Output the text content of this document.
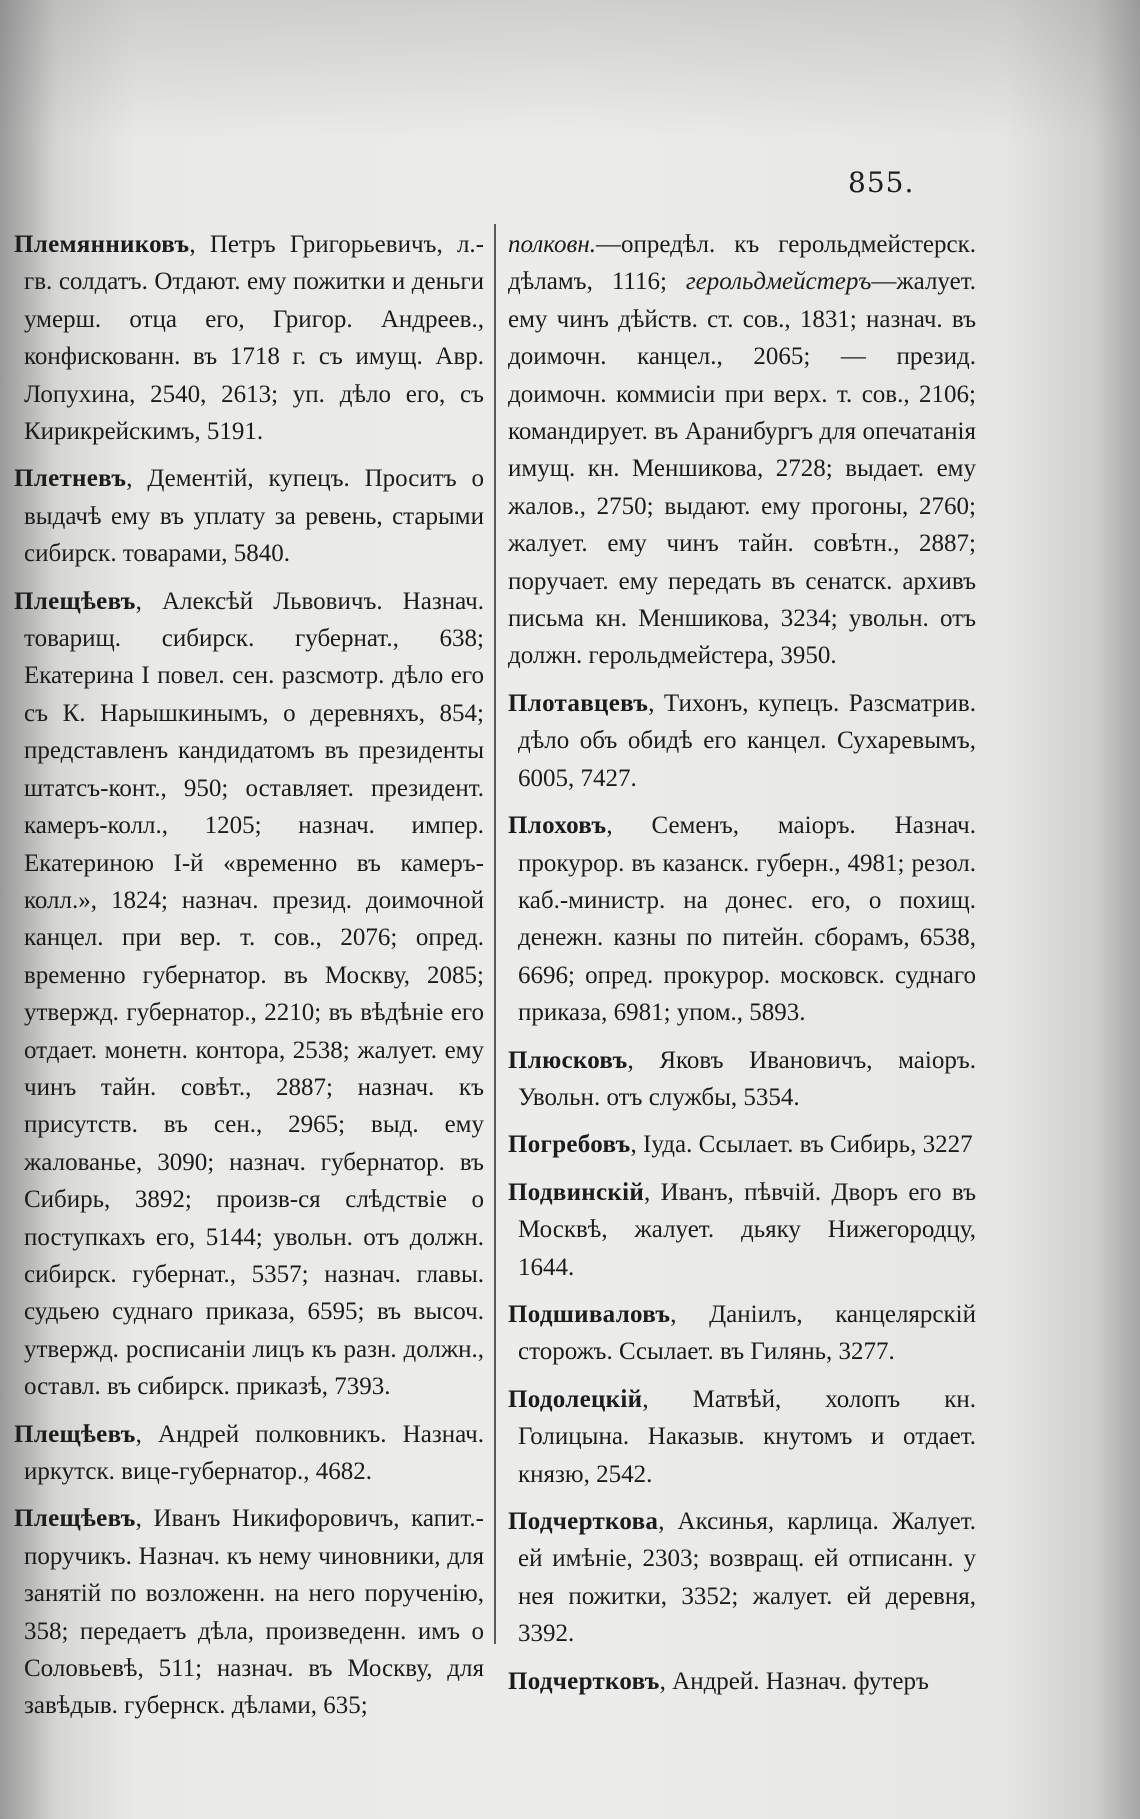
855.

Племянниковъ, Петръ Григорьевичъ, л.-гв. солдатъ. Отдают. ему пожитки и деньги умерш. отца его, Григор. Андреев., конфискованн. въ 1718 г. съ имущ. Авр. Лопухина, 2540, 2613; уп. дѣло его, съ Кирикрейскимъ, 5191.

Плетневъ, Дементій, купецъ. Проситъ о выдачѣ ему въ уплату за ревень, старыми сибирск. товарами, 5840.

Плещѣевъ, Алексѣй Львовичъ. Назнач. товарищ. сибирск. губернат., 638; Екатерина I повел. сен. разсмотр. дѣло его съ К. Нарышкинымъ, о деревняхъ, 854; представленъ кандидатомъ въ президенты штатсъ-конт., 950; оставляет. президент. камеръ-колл., 1205; назнач. импер. Екатериною I-й «временно въ камеръ-колл.», 1824; назнач. презид. доимочной канцел. при вер. т. сов., 2076; опред. временно губернатор. въ Москву, 2085; утвержд. губернатор., 2210; въ вѣдѣніе его отдает. монетн. контора, 2538; жалует. ему чинъ тайн. совѣт., 2887; назнач. къ присутств. въ сен., 2965; выд. ему жалованье, 3090; назнач. губернатор. въ Сибирь, 3892; произв-ся слѣдствіе о поступкахъ его, 5144; увольн. отъ должн. сибирск. губернат., 5357; назнач. главы. судьею суднаго приказа, 6595; въ высоч. утвержд. росписаніи лицъ къ разн. должн., оставл. въ сибирск. приказѣ, 7393.

Плещѣевъ, Андрей полковникъ. Назнач. иркутск. вице-губернатор., 4682.

Плещѣевъ, Иванъ Никифоровичъ, капит.-поручикъ. Назнач. къ нему чиновники, для занятій по возложенн. на него порученію, 358; передаетъ дѣла, произведенн. имъ о Соловьевѣ, 511; назнач. въ Москву, для завѣдыв. губернск. дѣлами, 635;

полковн.—опредѣл. къ герольдмейстерск. дѣламъ, 1116; герольдмейстеръ—жалует. ему чинъ дѣйств. ст. сов., 1831; назнач. въ доимочн. канцел., 2065; — презид. доимочн. коммисіи при верх. т. сов., 2106; командирует. въ Аранибургъ для опечатанія имущ. кн. Меншикова, 2728; выдает. ему жалов., 2750; выдают. ему прогоны, 2760; жалует. ему чинъ тайн. совѣтн., 2887; поручает. ему передать въ сенатск. архивъ письма кн. Меншикова, 3234; увольн. отъ должн. герольдмейстера, 3950.

Плотавцевъ, Тихонъ, купецъ. Разсматрив. дѣло объ обидѣ его канцел. Сухаревымъ, 6005, 7427.

Плоховъ, Семенъ, маіоръ. Назнач. прокурор. въ казанск. губерн., 4981; резол. каб.-министр. на донес. его, о похищ. денежн. казны по питейн. сборамъ, 6538, 6696; опред. прокурор. московск. суднаго приказа, 6981; упом., 5893.

Плюсковъ, Яковъ Ивановичъ, маіоръ. Увольн. отъ службы, 5354.

Погребовъ, Іуда. Ссылает. въ Сибирь, 3227

Подвинскій, Иванъ, пѣвчій. Дворъ его въ Москвѣ, жалует. дьяку Нижегородцу, 1644.

Подшиваловъ, Даніилъ, канцелярскій сторожъ. Ссылает. въ Гилянь, 3277.

Подолецкій, Матвѣй, холопъ кн. Голицына. Наказыв. кнутомъ и отдает. князю, 2542.

Подчерткова, Аксинья, карлица. Жалует. ей имѣніе, 2303; возвращ. ей отписанн. у нея пожитки, 3352; жалует. ей деревня, 3392.

Подчертковъ, Андрей. Назнач. футеръ
